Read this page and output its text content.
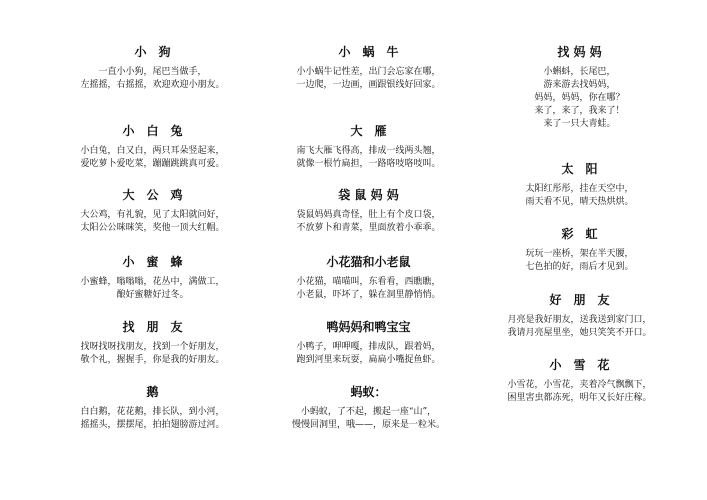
小　狗
一直小小狗，尾巴当做手，
左摇摇，右摇摇，欢迎欢迎小朋友。
小　白　兔
小白兔，白又白，两只耳朵竖起来，
爱吃萝卜爱吃菜，蹦蹦跳跳真可爱。
大　公　鸡
大公鸡，有礼貌，见了太阳就问好，
太阳公公咪咪笑，奖他一顶大红帽。
小　蜜　蜂
小蜜蜂，嗡嗡嗡，花丛中，满做工，
酿好蜜糖好过冬。
找　朋　友
找呀找呀找朋友，找到一个好朋友，
敬个礼，握握手，你是我的好朋友。
鹅
白白鹅，花花鹅，排长队，到小河，
摇摇头，摆摆尾，拍拍翅膀游过河。
小　蜗　牛
小小蜗牛记性差，出门会忘家在哪，
一边爬，一边画，画跟银线好回家。
大　雁
南飞大雁飞得高，排成一线两头翘，
就像一根竹扁担，一路咯吱咯吱叫。
袋 鼠 妈 妈
袋鼠妈妈真奇怪，肚上有个皮口袋，
不放萝卜和青菜，里面放着小乖乖。
小花猫和小老鼠
小花猫，喵喵叫，东看看，西瞧瞧，
小老鼠，吓坏了，躲在洞里静悄悄。
鸭妈妈和鸭宝宝
小鸭子，呷呷嘎，排成队，跟着妈，
跑到河里来玩耍，扁扁小嘴捉鱼虾。
蚂蚁：
小蚂蚁，了不起，搬起一座“山”，
慢慢回洞里，哦——，原来是一粒米。
找 妈 妈
小蝌蚪，长尾巴，
游来游去找妈妈，
妈妈，妈妈，你在哪？
来了，来了，我来了！
来了一只大青蛙。
太　阳
太阳红彤彤，挂在天空中，
雨天看不见，晴天热烘烘。
彩　虹
玩玩一座桥，架在半天腰，
七色拍的好，雨后才见到。
好　朋　友
月亮是我好朋友，送我送到家门口，
我请月亮屋里坐，她只笑笑不开口。
小　雪　花
小雪花，小雪花，夹着冷气飘飘下，
困里害虫都冻死，明年又长好庄稼。
